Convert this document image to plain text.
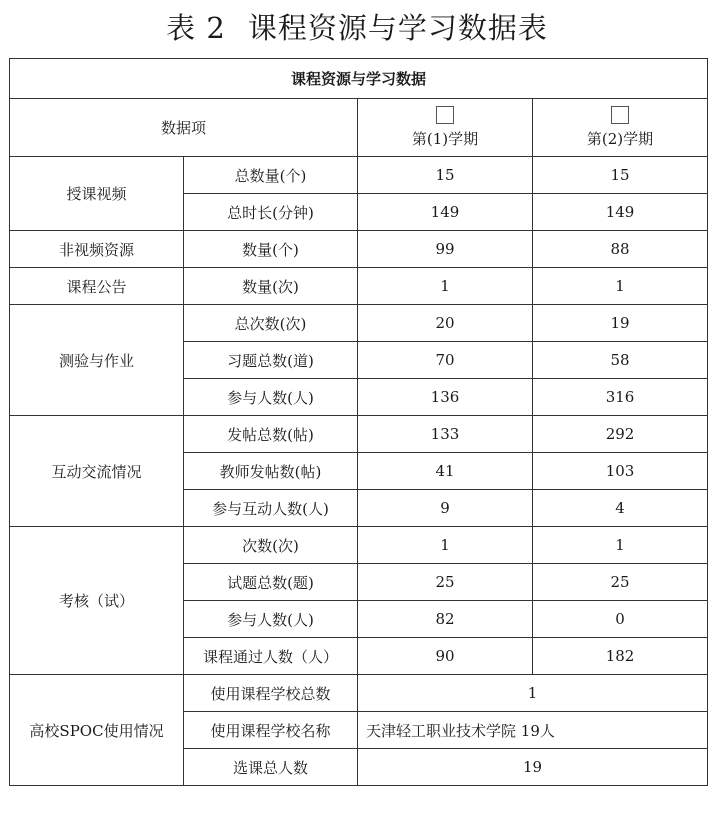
表 2 课程资源与学习数据表
课程资源与学习数据			
数据项		第(1)学期	第(2)学期
授课视频	总数量(个)	15	15
	总时长(分钟)	149	149
非视频资源	数量(个)	99	88
课程公告	数量(次)	1	1
测验与作业	总次数(次)	20	19
	习题总数(道)	70	58
	参与人数(人)	136	316
互动交流情况	发帖总数(帖)	133	292
	教师发帖数(帖)	41	103
	参与互动人数(人)	9	4
考核（试）	次数(次)	1	1
	试题总数(题)	25	25
	参与人数(人)	82	0
	课程通过人数（人）	90	182
高校SPOC使用情况	使用课程学校总数	1	
	使用课程学校名称	天津轻工职业技术学院 19人	
	选课总人数	19	
